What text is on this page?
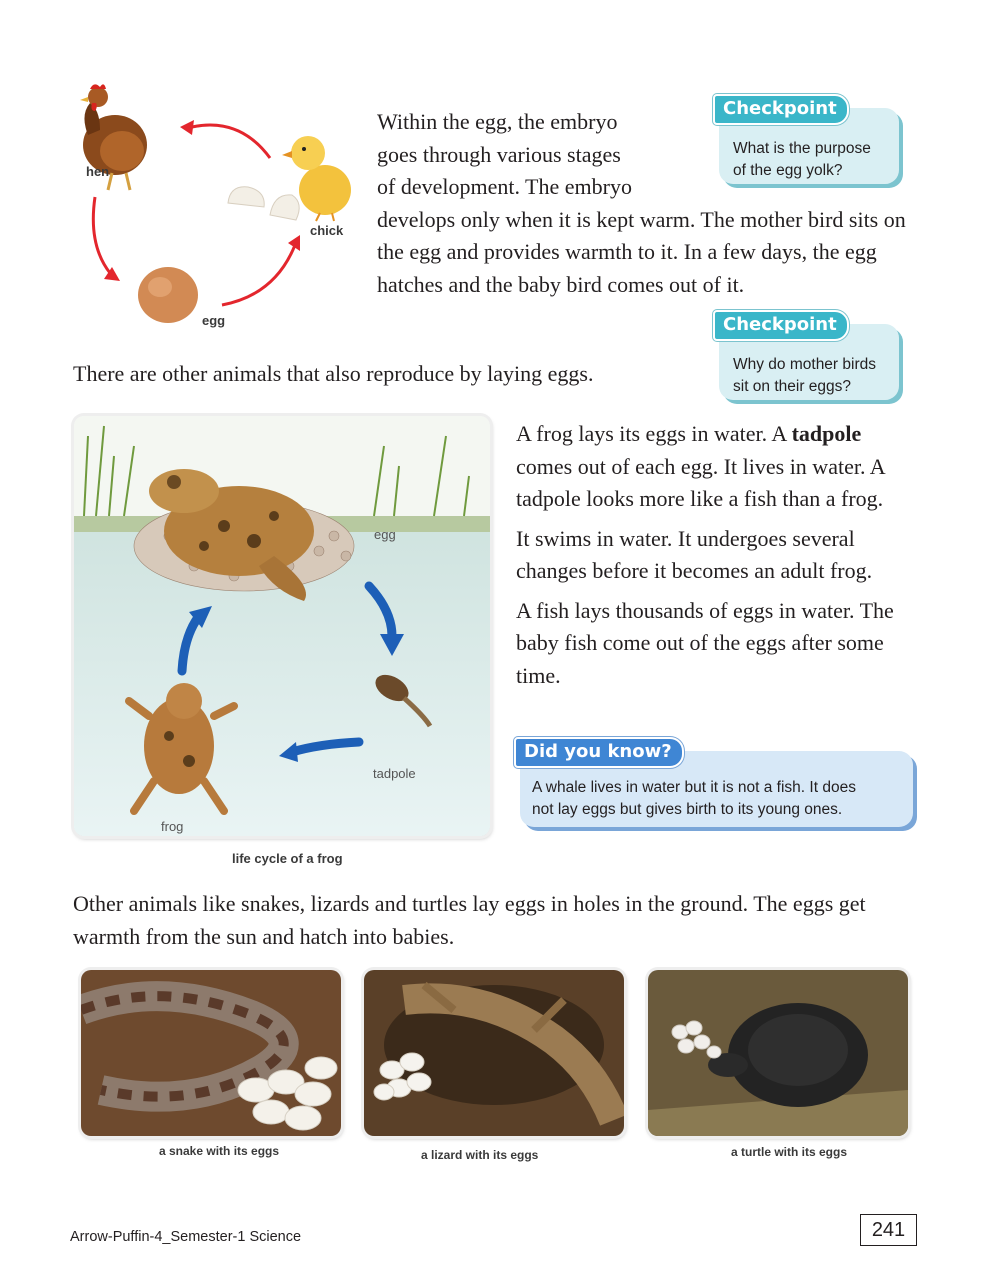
hen
chick
egg

Within the egg, the embryo

goes through various stages

of development. The embryo

develops only when it is kept warm. The mother bird sits on the egg and provides warmth to it. In a few days, the egg hatches and the baby bird comes out of it.

Checkpoint
What is the purpose
of the egg yolk?
Checkpoint
Why do mother birds
sit on their eggs?

There are other animals that also reproduce by laying eggs.

egg
tadpole
frog
life cycle of a frog

A frog lays its eggs in water. A tadpole comes out of each egg. It lives in water. A tadpole looks more like a fish than a frog.

It swims in water. It undergoes several changes before it becomes an adult frog.

A fish lays thousands of eggs in water. The baby fish come out of the eggs after some time.

Did you know?
A whale lives in water but it is not a fish. It does
not lay eggs but gives birth to its young ones.

Other animals like snakes, lizards and turtles lay eggs in holes in the ground. The eggs get warmth from the sun and hatch into babies.

a snake with its eggs	a lizard with its eggs	a turtle with its eggs
Arrow-Puffin-4_Semester-1 Science	241
